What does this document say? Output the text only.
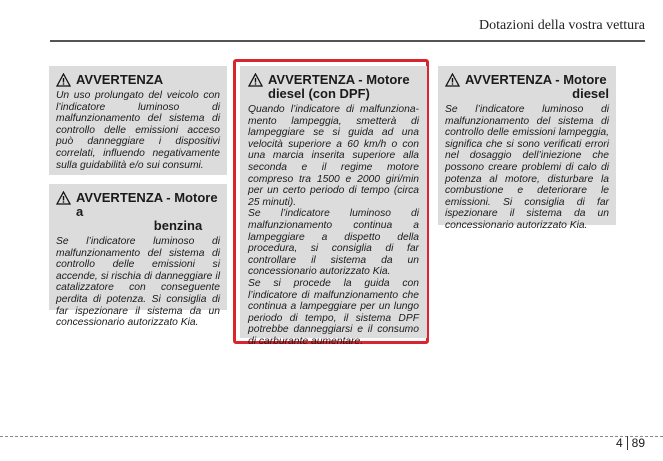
Dotazioni della vostra vettura
AVVERTENZA
Un uso prolungato del veicolo con l’indicatore luminoso di malfunzionamento del sistema di controllo delle emissioni acceso può danneggiare i dispositivi correlati, influendo negativamente sulla guidabilità e/o sui consumi.
AVVERTENZA - Motore a
benzina
Se l’indicatore luminoso di malfunzionamento del sistema di controllo delle emissioni si accende, si rischia di danneggiare il catalizzatore con conseguente perdita di potenza. Si consiglia di far ispezionare il sistema da un concessionario autorizzato Kia.
AVVERTENZA - Motore
diesel (con DPF)

Quando l’indicatore di malfunziona-mento lampeggia, smetterà di lampeggiare se si guida ad una velocità superiore a 60 km/h o con una marcia inserita superiore alla seconda e il regime motore compreso tra 1500 e 2000 giri/min per un certo periodo di tempo (circa 25 minuti).

Se l’indicatore luminoso di malfunzionamento continua a lampeggiare a dispetto della procedura, si consiglia di far controllare il sistema da un concessionario autorizzato Kia.

Se si procede la guida con l’indicatore di malfunzionamento che continua a lampeggiare per un lungo periodo di tempo, il sistema DPF potrebbe danneggiarsi e il consumo di carburante aumentare.

AVVERTENZA - Motore
diesel
Se l’indicatore luminoso di malfunzionamento del sistema di controllo delle emissioni lampeggia, significa che si sono verificati errori nel dosaggio dell’iniezione che possono creare problemi di calo di potenza al motore, disturbare la combustione e deteriorare le emissioni. Si consiglia di far ispezionare il sistema da un concessionario autorizzato Kia.
4 89
